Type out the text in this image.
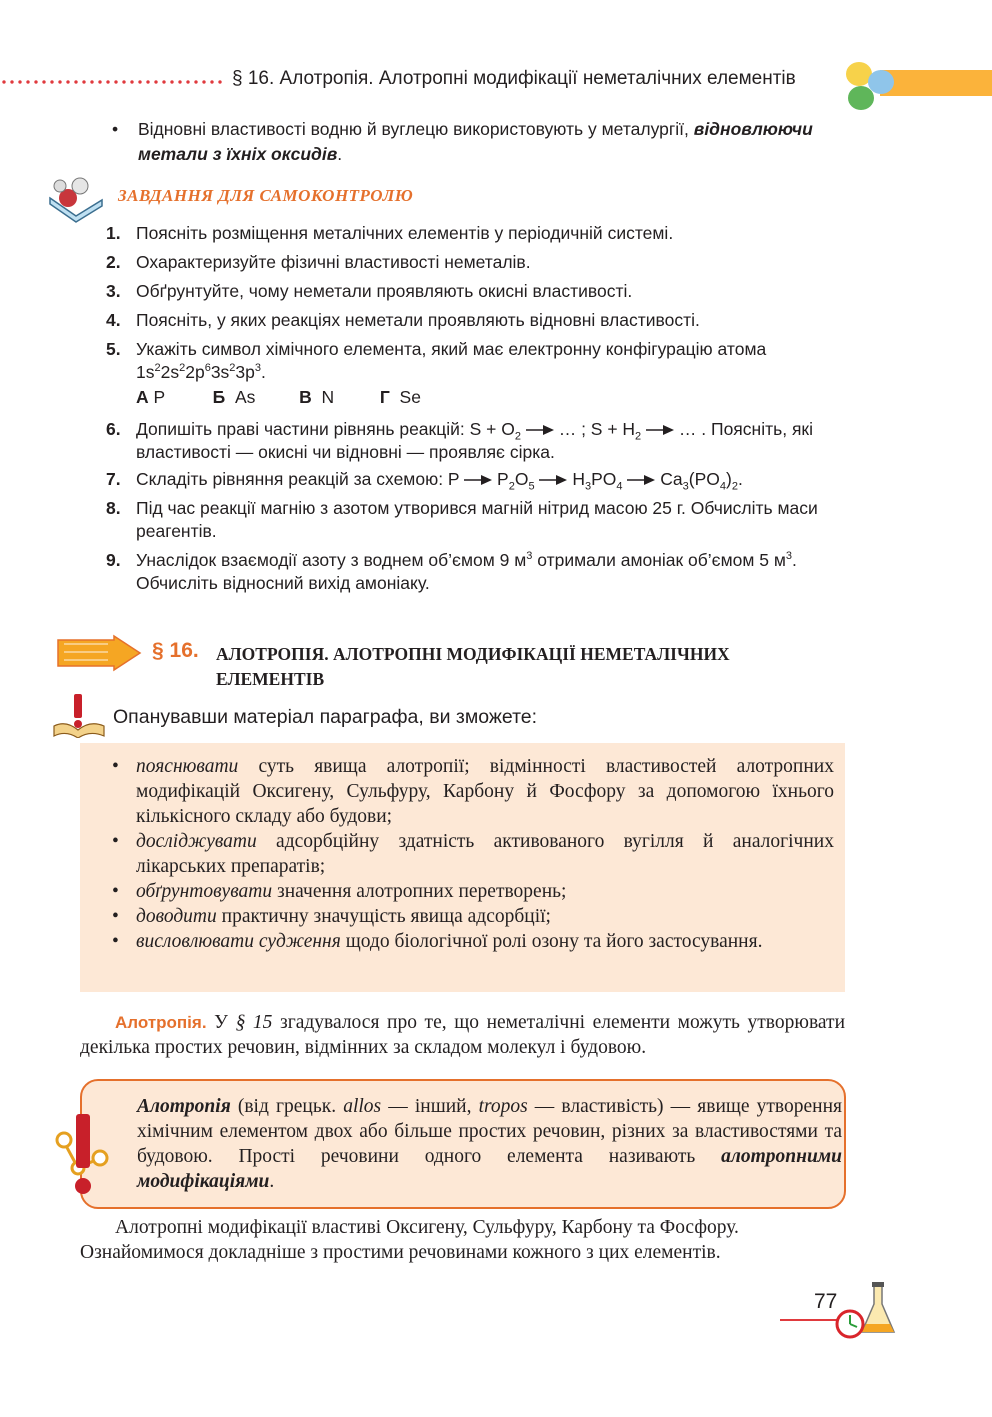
§ 16. Алотропія. Алотропні модифікації неметалічних елементів
• Відновні властивості водню й вуглецю використовують у металургії, відновлюючи метали з їхніх оксидів.
ЗАВДАННЯ ДЛЯ САМОКОНТРОЛЮ
1. Поясніть розміщення металічних елементів у періодичній системі.
2. Охарактеризуйте фізичні властивості неметалів.
3. Обґрунтуйте, чому неметали проявляють окисні властивості.
4. Поясніть, у яких реакціях неметали проявляють відновні властивості.
5. Укажіть символ хімічного елемента, який має електронну конфігурацію атома
$1s^22s^22p^63s^23p^3$.
А P	Б As	В N	Г Se
6. Допишіть праві частини рівнянь реакцій: $S + O_2$  … ; $S + H_2$  … . Поясніть, які властивості — окисні чи відновні — проявляє сірка.
7. Складіть рівняння реакцій за схемою: P $P_2O_5$ $H_3PO_4$ $Ca_3(PO_4)_2$.
8. Під час реакції магнію з азотом утворився магній нітрид масою 25 г. Обчисліть маси реагентів.
9. Унаслідок взаємодії азоту з воднем об’ємом 9 $м^3$ отримали амоніак об’ємом 5 $м^3$. Обчисліть відносний вихід амоніаку.
§ 16. АЛОТРОПІЯ. АЛОТРОПНІ МОДИФІКАЦІЇ НЕМЕТАЛІЧНИХ ЕЛЕМЕНТІВ
Опанувавши матеріал параграфа, ви зможете:
• пояснювати суть явища алотропії; відмінності властивостей алотропних модифікацій Оксигену, Сульфуру, Карбону й Фосфору за допомогою їхнього кількісного складу або будови;
• досліджувати адсорбційну здатність активованого вугілля й аналогічних лікарських препаратів;
• обґрунтовувати значення алотропних перетворень;
• доводити практичну значущість явища адсорбції;
• висловлювати судження щодо біологічної ролі озону та його застосування.
Алотропія. У § 15 згадувалося про те, що неметалічні елементи можуть утворювати декілька простих речовин, відмінних за складом молекул і будовою.
Алотропія (від грецьк. allos — інший, tropos — властивість) — явище утворення хімічним елементом двох або більше простих речовин, різних за властивостями та будовою. Прості речовини одного елемента називають алотропними модифікаціями.
Алотропні модифікації властиві Оксигену, Сульфуру, Карбону та Фосфору. Ознайомимося докладніше з простими речовинами кожного з цих елементів.
77
